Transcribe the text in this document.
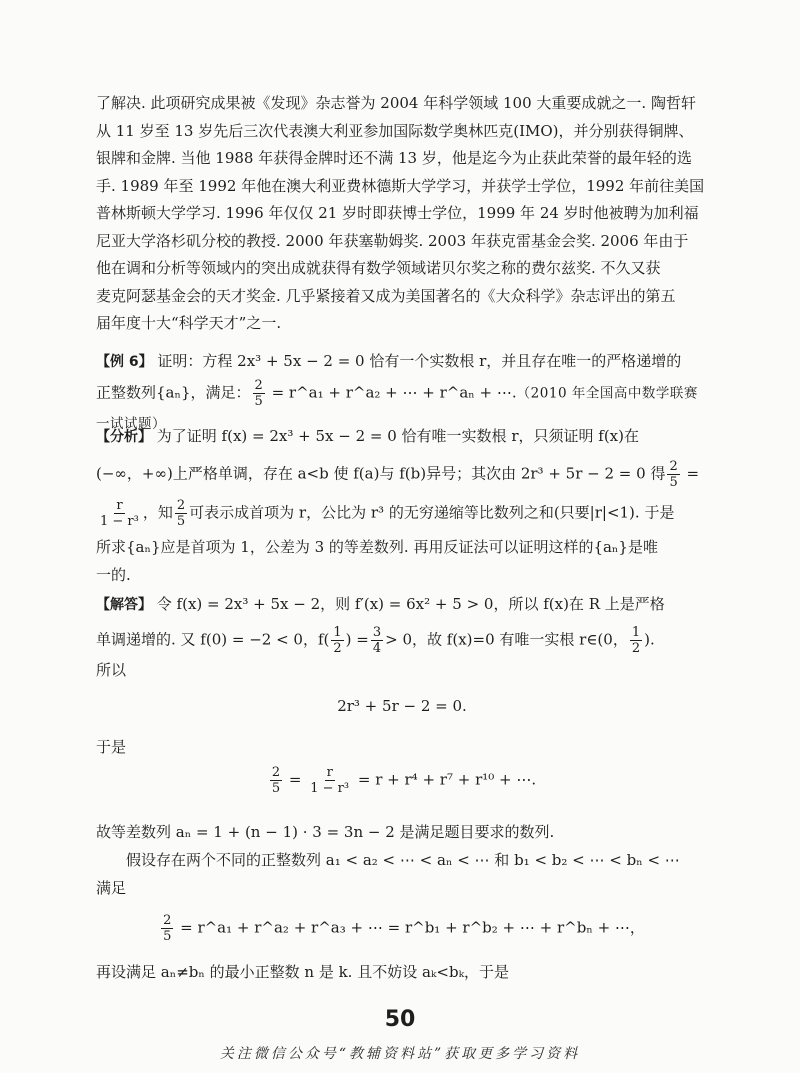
了解决. 此项研究成果被《发现》杂志誉为 2004 年科学领域 100 大重要成就之一. 陶哲轩

从 11 岁至 13 岁先后三次代表澳大利亚参加国际数学奥林匹克(IMO)，并分别获得铜牌、

银牌和金牌. 当他 1988 年获得金牌时还不满 13 岁，他是迄今为止获此荣誉的最年轻的选

手. 1989 年至 1992 年他在澳大利亚费林德斯大学学习，并获学士学位，1992 年前往美国

普林斯顿大学学习. 1996 年仅仅 21 岁时即获博士学位，1999 年 24 岁时他被聘为加利福

尼亚大学洛杉矶分校的教授. 2000 年获塞勒姆奖. 2003 年获克雷基金会奖. 2006 年由于

他在调和分析等领域内的突出成就获得有数学领域诺贝尔奖之称的费尔兹奖. 不久又获

麦克阿瑟基金会的天才奖金. 几乎紧接着又成为美国著名的《大众科学》杂志评出的第五

届年度十大“科学天才”之一.

【例 6】 证明：方程 2x³ + 5x − 2 = 0 恰有一个实数根 r，并且存在唯一的严格递增的

正整数列{aₙ}，满足： $\frac{2}{5}$ = r^a₁ + r^a₂ + ⋯ + r^aₙ + ⋯.（2010 年全国高中数学联赛一试试题）

【分析】 为了证明 f(x) = 2x³ + 5x − 2 = 0 恰有唯一实数根 r，只须证明 f(x)在

(−∞，+∞)上严格单调，存在 a<b 使 f(a)与 f(b)异号；其次由 2r³ + 5r − 2 = 0 得 $\frac{2}{5}$ =

$\frac{r}{\text{1 − r³}}$ ，知 $\frac{2}{5}$ 可表示成首项为 r，公比为 r³ 的无穷递缩等比数列之和(只要|r|<1). 于是

所求{aₙ}应是首项为 1，公差为 3 的等差数列. 再用反证法可以证明这样的{aₙ}是唯

一的.

【解答】 令 f(x) = 2x³ + 5x − 2，则 f′(x) = 6x² + 5 > 0，所以 f(x)在 R 上是严格

单调递增的. 又 f(0) = −2 < 0，$f( \frac{1}{2}$ ) = $\frac{3}{4} > 0$，故 f(x)=0 有唯一实根 r∈(0， $\frac{1}{2}$ ).

所以

2r³ + 5r − 2 = 0.
于是
$\frac{2}{5} = \frac{r}{\text{1 − r³}} = r + r^4 + r^7 + r^{10}$ + ⋯.
故等差数列 aₙ = 1 + (n − 1) · 3 = 3n − 2 是满足题目要求的数列.
假设存在两个不同的正整数列 a₁ < a₂ < ⋯ < aₙ < ⋯ 和 b₁ < b₂ < ⋯ < bₙ < ⋯
满足
$\frac{2}{5}$ = r^a₁ + r^a₂ + r^a₃ + ⋯ = r^b₁ + r^b₂ + ⋯ + r^bₙ + ⋯，
再设满足 aₙ≠bₙ 的最小正整数 n 是 k. 且不妨设 aₖ<bₖ，于是
50
关注微信公众号“教辅资料站”获取更多学习资料
